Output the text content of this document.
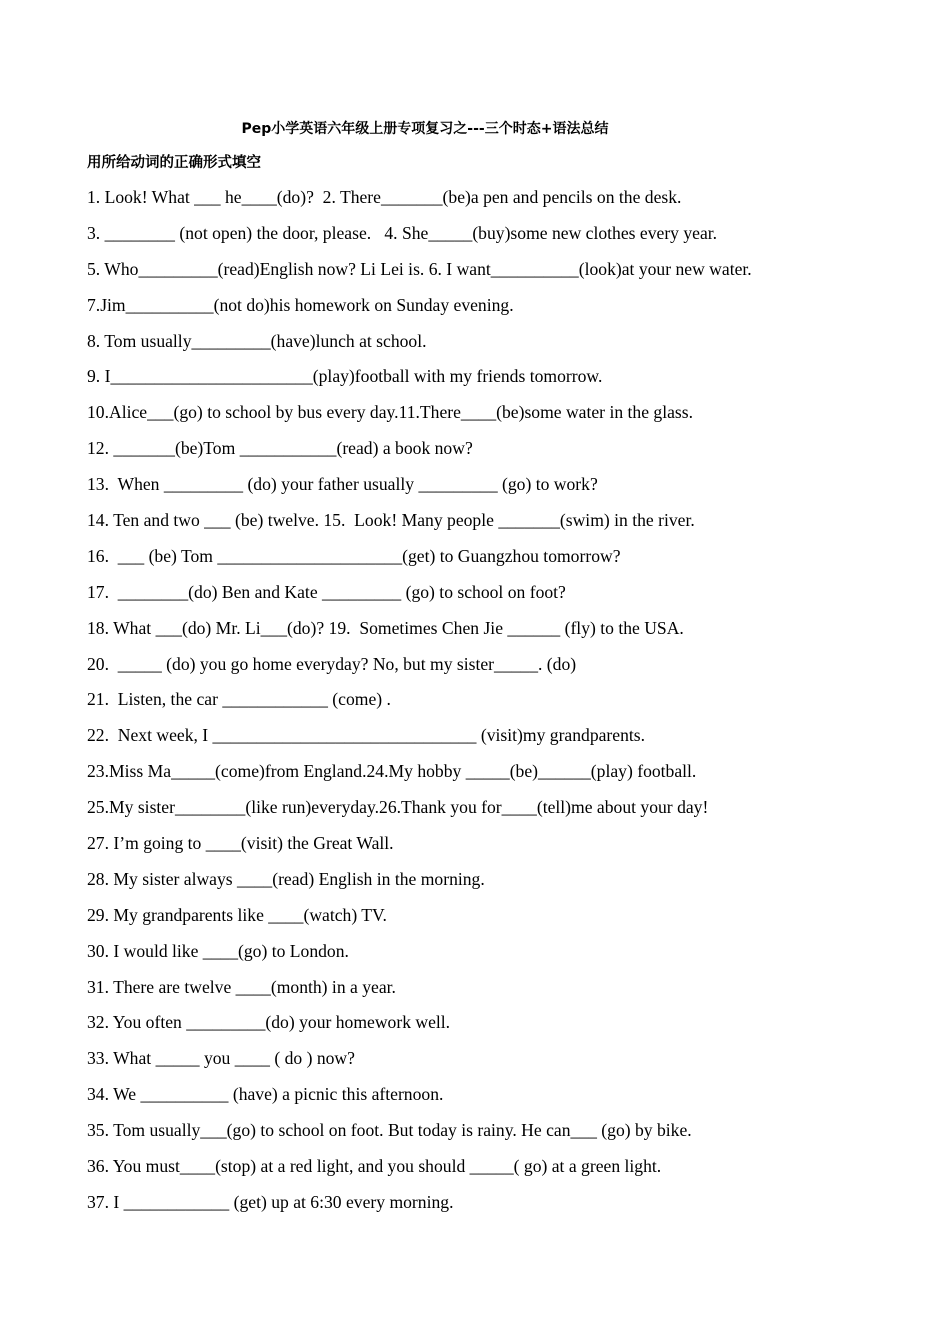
Pep小学英语六年级上册专项复习之---三个时态+语法总结
用所给动词的正确形式填空
1. Look! What ___ he____(do)?  2. There_______(be)a pen and pencils on the desk.
3. ________ (not open) the door, please.   4. She_____(buy)some new clothes every year.
5. Who_________(read)English now? Li Lei is. 6. I want__________(look)at your new water.
7.Jim__________(not do)his homework on Sunday evening.
8. Tom usually_________(have)lunch at school.
9. I_______________________(play)football with my friends tomorrow.
10.Alice___(go) to school by bus every day.11.There____(be)some water in the glass.
12. _______(be)Tom ___________(read) a book now?
13.  When _________ (do) your father usually _________ (go) to work?
14. Ten and two ___ (be) twelve. 15.  Look! Many people _______(swim) in the river.
16.  ___ (be) Tom _____________________(get) to Guangzhou tomorrow?
17.  ________(do) Ben and Kate _________ (go) to school on foot?
18. What ___(do) Mr. Li___(do)? 19.  Sometimes Chen Jie ______ (fly) to the USA.
20.  _____ (do) you go home everyday? No, but my sister_____. (do)
21.  Listen, the car ____________ (come) .
22.  Next week, I ______________________________ (visit)my grandparents.
23.Miss Ma_____(come)from England.24.My hobby _____(be)______(play) football.
25.My sister________(like run)everyday.26.Thank you for____(tell)me about your day!
27. I’m going to ____(visit) the Great Wall.
28. My sister always ____(read) English in the morning.
29. My grandparents like ____(watch) TV.
30. I would like ____(go) to London.
31. There are twelve ____(month) in a year.
32. You often _________(do) your homework well.
33. What _____ you ____ ( do ) now?
34. We __________ (have) a picnic this afternoon.
35. Tom usually___(go) to school on foot. But today is rainy. He can___ (go) by bike.
36. You must____(stop) at a red light, and you should _____( go) at a green light.
37. I ____________ (get) up at 6:30 every morning.
